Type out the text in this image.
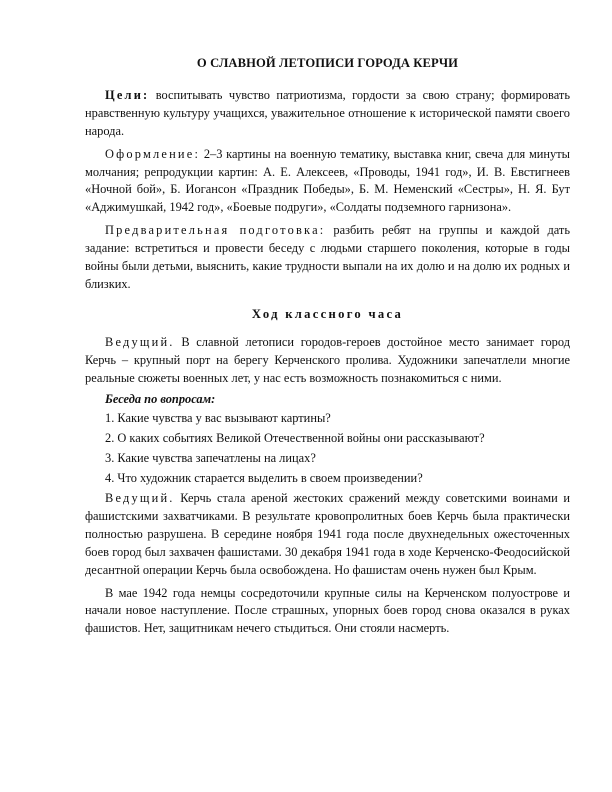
О СЛАВНОЙ ЛЕТОПИСИ ГОРОДА КЕРЧИ
Цели: воспитывать чувство патриотизма, гордости за свою страну; формировать нравственную культуру учащихся, уважительное отношение к исторической памяти своего народа.
Оформление: 2–3 картины на военную тематику, выставка книг, свеча для минуты молчания; репродукции картин: А. Е. Алексеев, «Проводы, 1941 год», И. В. Евстигнеев «Ночной бой», Б. Иогансон «Праздник Победы», Б. М. Неменский «Сестры», Н. Я. Бут «Аджимушкай, 1942 год», «Боевые подруги», «Солдаты подземного гарнизона».
Предварительная подготовка: разбить ребят на группы и каждой дать задание: встретиться и провести беседу с людьми старшего поколения, которые в годы войны были детьми, выяснить, какие трудности выпали на их долю и на долю их родных и близких.
Ход классного часа
Ведущий. В славной летописи городов-героев достойное место занимает город Керчь – крупный порт на берегу Керченского пролива. Художники запечатлели многие реальные сюжеты военных лет, у нас есть возможность познакомиться с ними.
Беседа по вопросам:
1. Какие чувства у вас вызывают картины?
2. О каких событиях Великой Отечественной войны они рассказывают?
3. Какие чувства запечатлены на лицах?
4. Что художник старается выделить в своем произведении?
Ведущий. Керчь стала ареной жестоких сражений между советскими воинами и фашистскими захватчиками. В результате кровопролитных боев Керчь была практически полностью разрушена. В середине ноября 1941 года после двухнедельных ожесточенных боев город был захвачен фашистами. 30 декабря 1941 года в ходе Керченско-Феодосийской десантной операции Керчь была освобождена. Но фашистам очень нужен был Крым.
В мае 1942 года немцы сосредоточили крупные силы на Керченском полуострове и начали новое наступление. После страшных, упорных боев город снова оказался в руках фашистов. Нет, защитникам нечего стыдиться. Они стояли насмерть.
